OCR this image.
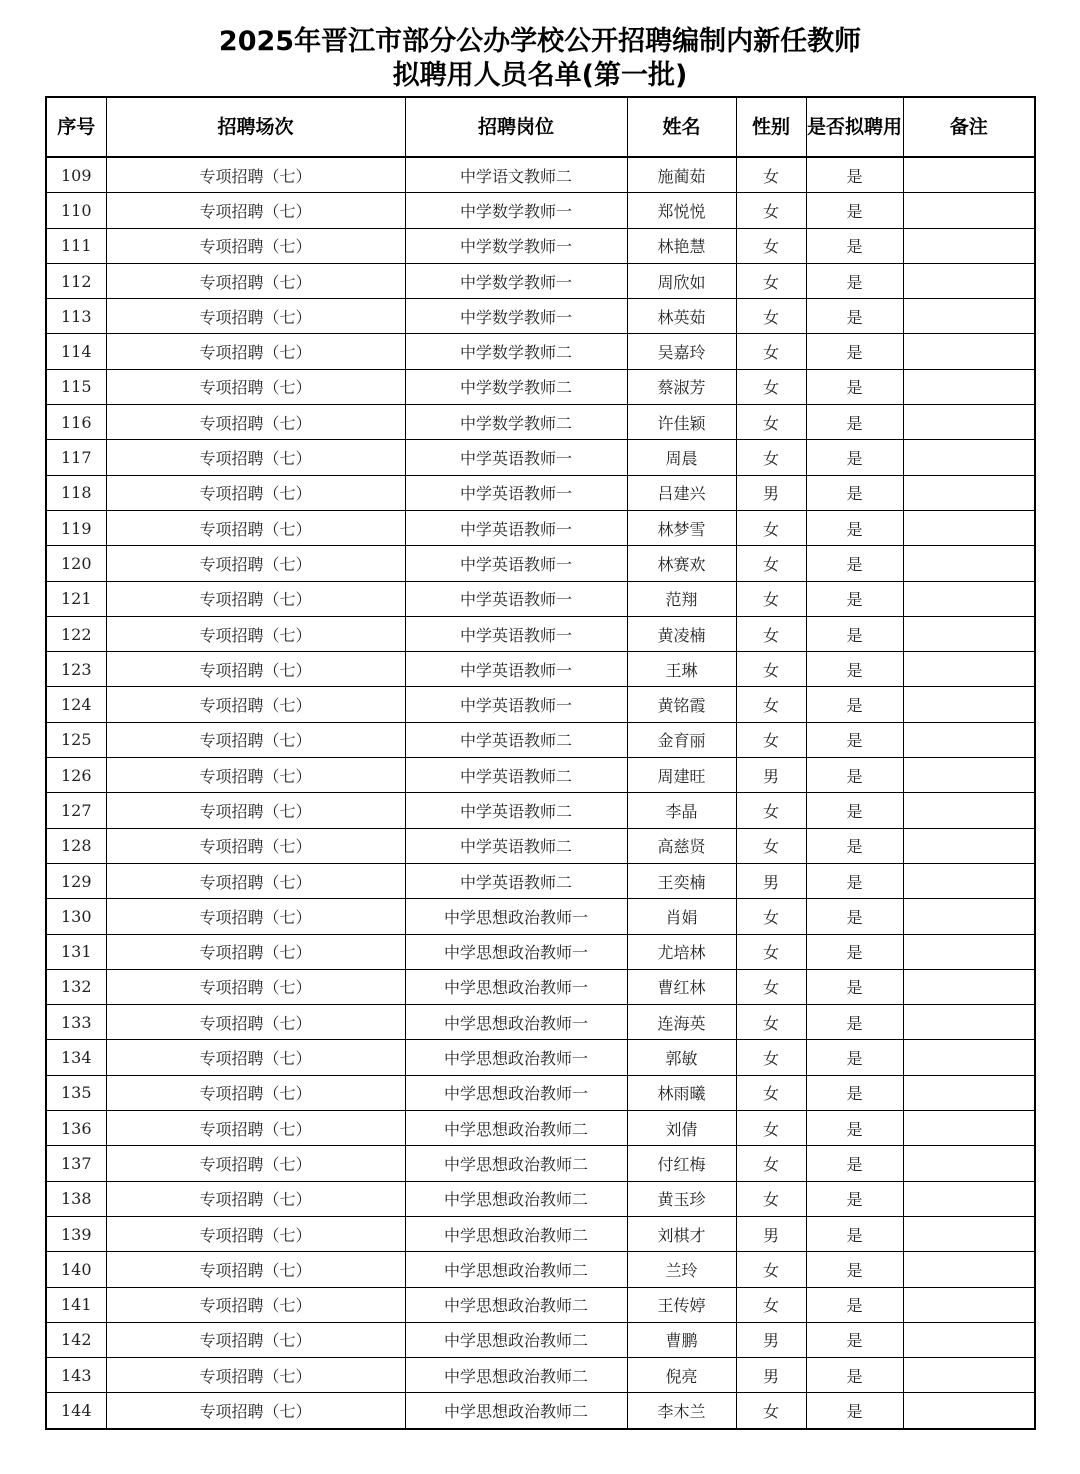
2025年晋江市部分公办学校公开招聘编制内新任教师
拟聘用人员名单(第一批)
序号	招聘场次	招聘岗位	姓名	性别	是否拟聘用	备注
109	专项招聘（七）	中学语文教师二	施蔺茹	女	是	
110	专项招聘（七）	中学数学教师一	郑悦悦	女	是	
111	专项招聘（七）	中学数学教师一	林艳慧	女	是	
112	专项招聘（七）	中学数学教师一	周欣如	女	是	
113	专项招聘（七）	中学数学教师一	林英茹	女	是	
114	专项招聘（七）	中学数学教师二	吴嘉玲	女	是	
115	专项招聘（七）	中学数学教师二	蔡淑芳	女	是	
116	专项招聘（七）	中学数学教师二	许佳颖	女	是	
117	专项招聘（七）	中学英语教师一	周晨	女	是	
118	专项招聘（七）	中学英语教师一	吕建兴	男	是	
119	专项招聘（七）	中学英语教师一	林梦雪	女	是	
120	专项招聘（七）	中学英语教师一	林赛欢	女	是	
121	专项招聘（七）	中学英语教师一	范翔	女	是	
122	专项招聘（七）	中学英语教师一	黄凌楠	女	是	
123	专项招聘（七）	中学英语教师一	王琳	女	是	
124	专项招聘（七）	中学英语教师一	黄铭霞	女	是	
125	专项招聘（七）	中学英语教师二	金育丽	女	是	
126	专项招聘（七）	中学英语教师二	周建旺	男	是	
127	专项招聘（七）	中学英语教师二	李晶	女	是	
128	专项招聘（七）	中学英语教师二	高慈贤	女	是	
129	专项招聘（七）	中学英语教师二	王奕楠	男	是	
130	专项招聘（七）	中学思想政治教师一	肖娟	女	是	
131	专项招聘（七）	中学思想政治教师一	尤培林	女	是	
132	专项招聘（七）	中学思想政治教师一	曹红林	女	是	
133	专项招聘（七）	中学思想政治教师一	连海英	女	是	
134	专项招聘（七）	中学思想政治教师一	郭敏	女	是	
135	专项招聘（七）	中学思想政治教师一	林雨曦	女	是	
136	专项招聘（七）	中学思想政治教师二	刘倩	女	是	
137	专项招聘（七）	中学思想政治教师二	付红梅	女	是	
138	专项招聘（七）	中学思想政治教师二	黄玉珍	女	是	
139	专项招聘（七）	中学思想政治教师二	刘棋才	男	是	
140	专项招聘（七）	中学思想政治教师二	兰玲	女	是	
141	专项招聘（七）	中学思想政治教师二	王传婷	女	是	
142	专项招聘（七）	中学思想政治教师二	曹鹏	男	是	
143	专项招聘（七）	中学思想政治教师二	倪亮	男	是	
144	专项招聘（七）	中学思想政治教师二	李木兰	女	是	
